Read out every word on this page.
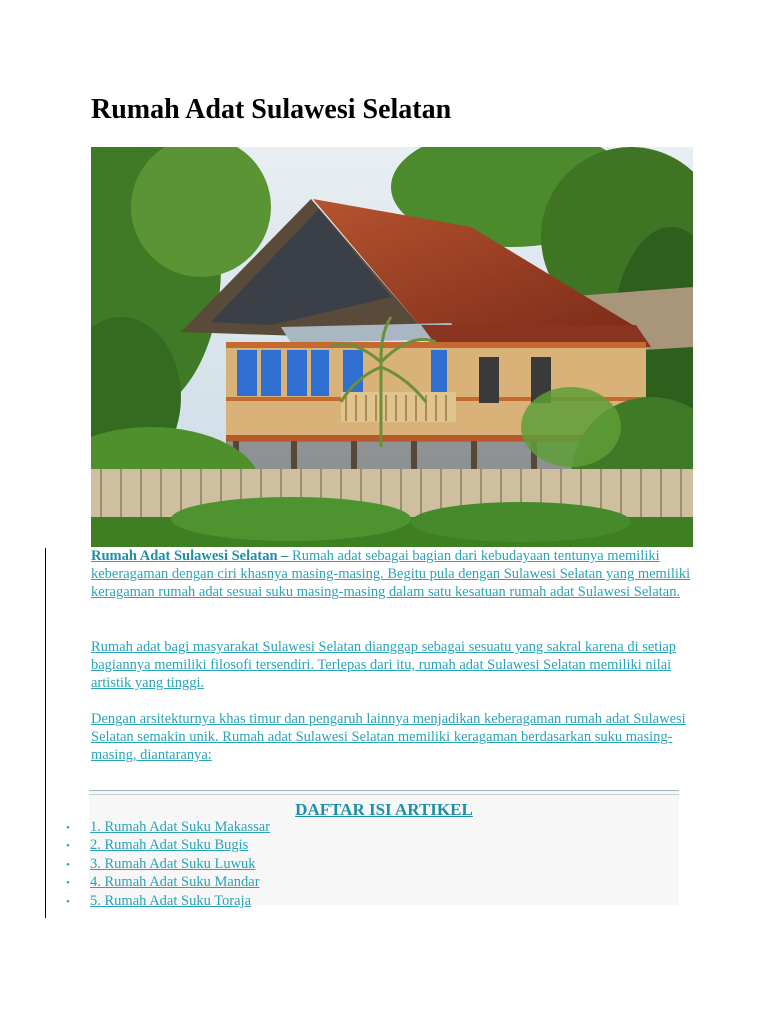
Rumah Adat Sulawesi Selatan

Rumah Adat Sulawesi Selatan – Rumah adat sebagai bagian dari kebudayaan tentunya memiliki keberagaman dengan ciri khasnya masing-masing. Begitu pula dengan Sulawesi Selatan yang memiliki keragaman rumah adat sesuai suku masing-masing dalam satu kesatuan rumah adat Sulawesi Selatan.

Rumah adat bagi masyarakat Sulawesi Selatan dianggap sebagai sesuatu yang sakral karena di setiap bagiannya memiliki filosofi tersendiri. Terlepas dari itu, rumah adat Sulawesi Selatan memiliki nilai artistik yang tinggi.

Dengan arsitekturnya khas timur dan pengaruh lainnya menjadikan keberagaman rumah adat Sulawesi Selatan semakin unik. Rumah adat Sulawesi Selatan memiliki keragaman berdasarkan suku masing-masing, diantaranya:

DAFTAR ISI ARTIKEL
• 1. Rumah Adat Suku Makassar
• 2. Rumah Adat Suku Bugis
• 3. Rumah Adat Suku Luwuk
• 4. Rumah Adat Suku Mandar
• 5. Rumah Adat Suku Toraja
